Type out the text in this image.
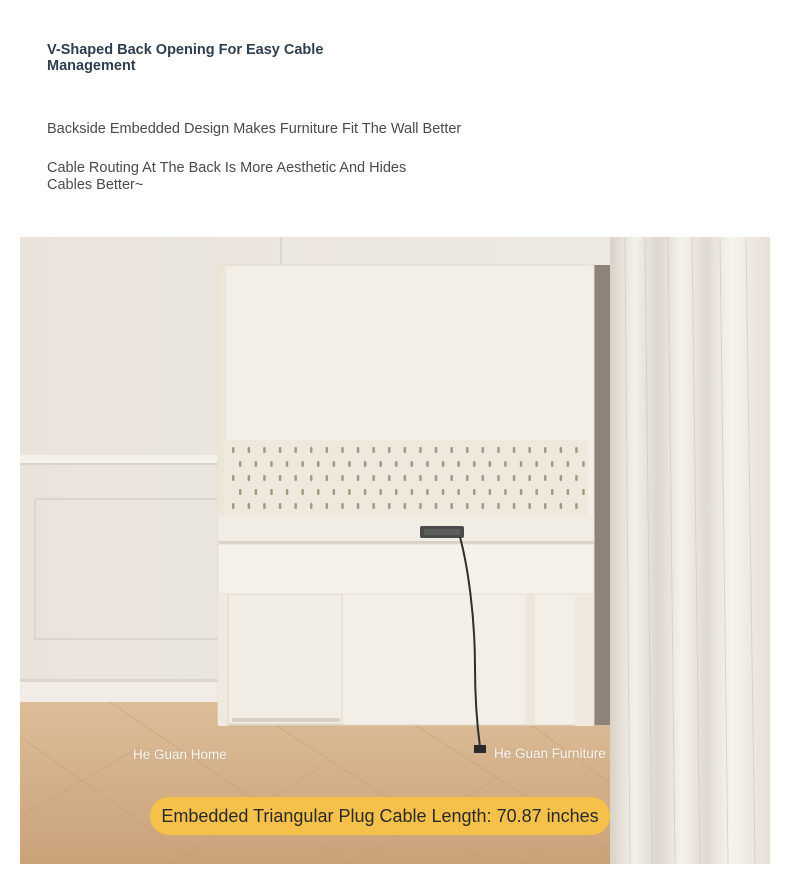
V-Shaped Back Opening For Easy Cable Management
Backside Embedded Design Makes Furniture Fit The Wall Better
Cable Routing At The Back Is More Aesthetic And Hides Cables Better~
He Guan Home	He Guan Furniture
Embedded Triangular Plug Cable Length: 70.87 inches
